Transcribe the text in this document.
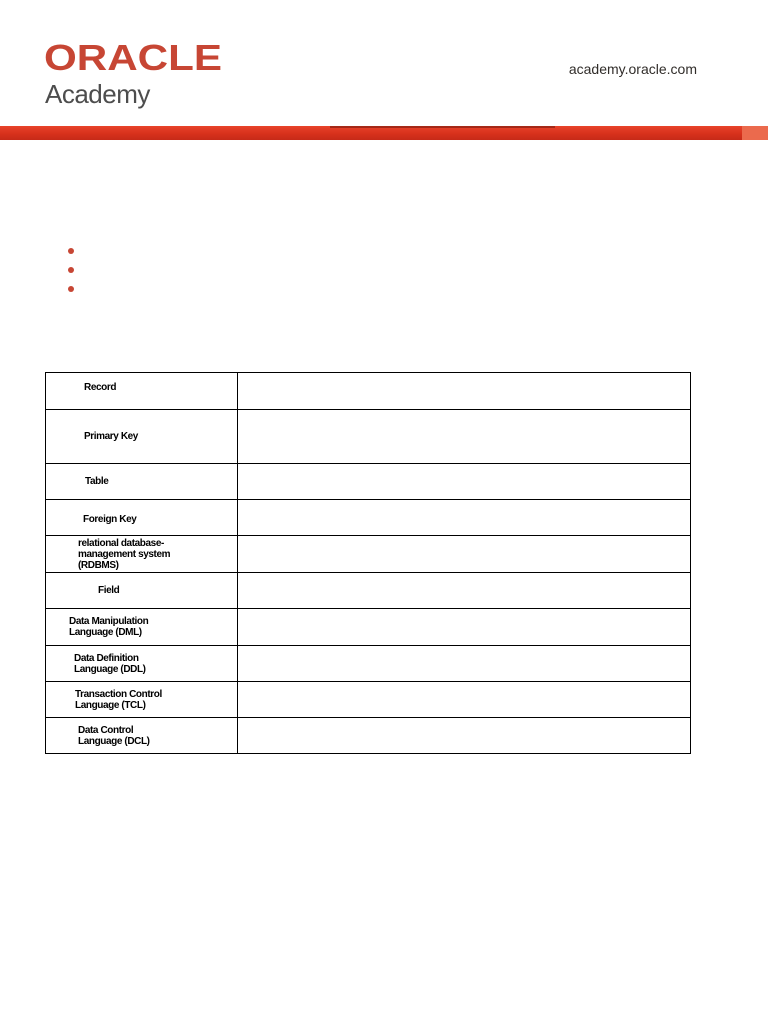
ORACLE
Academy
academy.oracle.com
Record	

Primary Key	

Table	

Foreign Key	

relational database-management system (RDBMS)	

Field	

Data Manipulation Language (DML)	

Data Definition Language (DDL)	

Transaction Control Language (TCL)	

Data Control Language (DCL)	
